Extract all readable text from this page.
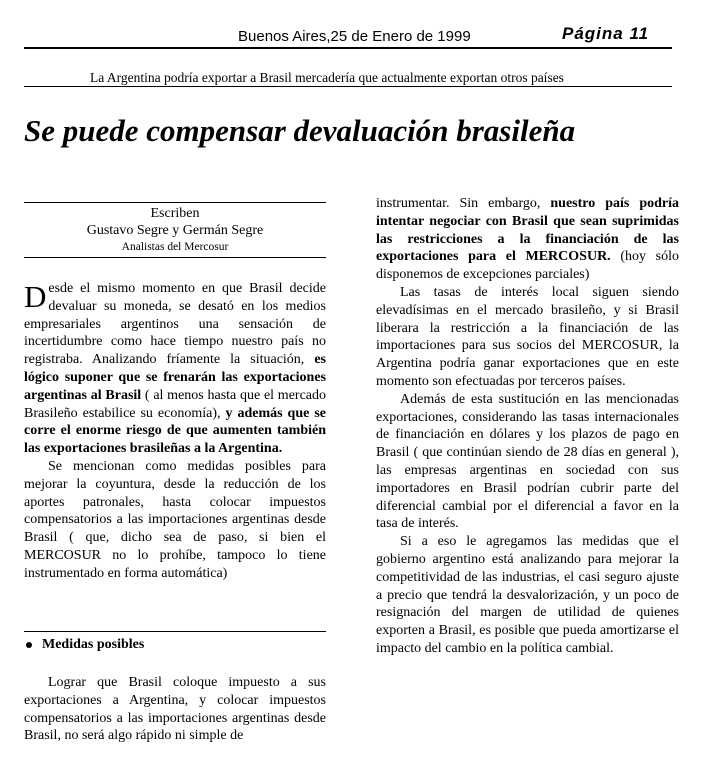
Buenos Aires,25 de Enero de 1999	Página 11
La Argentina podría exportar a Brasil mercadería que actualmente exportan otros países
Se puede compensar devaluación brasileña
Escriben
Gustavo Segre y Germán Segre
Analistas del Mercosur

Desde el mismo momento en que Brasil decide devaluar su moneda, se desató en los medios empresariales argentinos una sensación de incertidumbre como hace tiempo nuestro país no registraba. Analizando fríamente la situación, es lógico suponer que se frenarán las exportaciones argentinas al Brasil ( al menos hasta que el mercado Brasileño estabilice su economía), y además que se corre el enorme riesgo de que aumenten también las exportaciones brasileñas a la Argentina.

Se mencionan como medidas posibles para mejorar la coyuntura, desde la reducción de los aportes patronales, hasta colocar impuestos compensatorios a las importaciones argentinas desde Brasil ( que, dicho sea de paso, si bien el MERCOSUR no lo prohíbe, tampoco lo tiene instrumentado en forma automática)

Medidas posibles

Lograr que Brasil coloque impuesto a sus exportaciones a Argentina, y colocar impuestos compensatorios a las importaciones argentinas desde Brasil, no será algo rápido ni simple de

instrumentar. Sin embargo, nuestro país podría intentar negociar con Brasil que sean suprimidas las restricciones a la financiación de las exportaciones para el MERCOSUR. (hoy sólo disponemos de excepciones parciales)

Las tasas de interés local siguen siendo elevadísimas en el mercado brasileño, y si Brasil liberara la restricción a la financiación de las importaciones para sus socios del MERCOSUR, la Argentina podría ganar exportaciones que en este momento son efectuadas por terceros países.

Además de esta sustitución en las mencionadas exportaciones, considerando las tasas internacionales de financiación en dólares y los plazos de pago en Brasil ( que continúan siendo de 28 días en general ), las empresas argentinas en sociedad con sus importadores en Brasil podrían cubrir parte del diferencial cambial por el diferencial a favor en la tasa de interés.

Si a eso le agregamos las medidas que el gobierno argentino está analizando para mejorar la competitividad de las industrias, el casi seguro ajuste a precio que tendrá la desvalorización, y un poco de resignación del margen de utilidad de quienes exporten a Brasil, es posible que pueda amortizarse el impacto del cambio en la política cambial.
